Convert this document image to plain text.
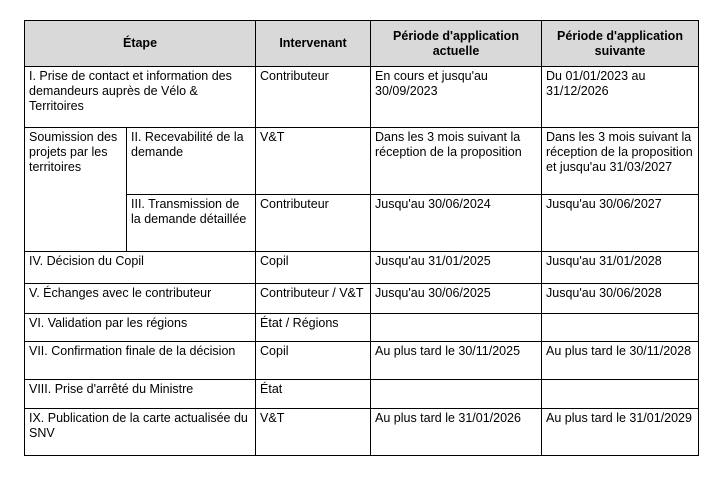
Étape		Intervenant	Période d'application actuelle	Période d'application suivante
I. Prise de contact et information des demandeurs auprès de Vélo & Territoires		Contributeur	En cours et jusqu'au 30/09/2023	Du 01/01/2023 au 31/12/2026
Soumission des projets par les territoires	II. Recevabilité de la demande	V&T	Dans les 3 mois suivant la réception de la proposition	Dans les 3 mois suivant la réception de la proposition et jusqu'au 31/03/2027
	III. Transmission de la demande détaillée	Contributeur	Jusqu'au 30/06/2024	Jusqu'au 30/06/2027
IV. Décision du Copil		Copil	Jusqu'au 31/01/2025	Jusqu'au 31/01/2028
V. Échanges avec le contributeur		Contributeur / V&T	Jusqu'au 30/06/2025	Jusqu'au 30/06/2028
VI. Validation par les régions		État / Régions		
VII. Confirmation finale de la décision		Copil	Au plus tard le 30/11/2025	Au plus tard le 30/11/2028
VIII. Prise d'arrêté du Ministre		État		
IX. Publication de la carte actualisée du SNV		V&T	Au plus tard le 31/01/2026	Au plus tard le 31/01/2029
